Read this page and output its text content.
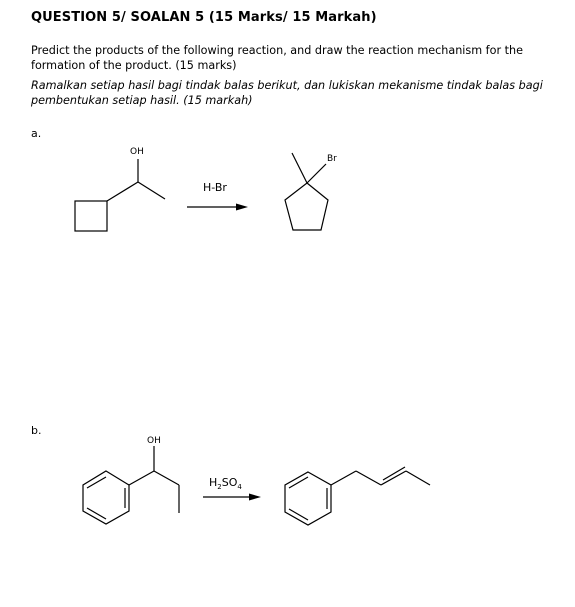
QUESTION 5/ SOALAN 5 (15 Marks/ 15 Markah)
Predict the products of the following reaction, and draw the reaction mechanism for the formation of the product. (15 marks)
Ramalkan setiap hasil bagi tindak balas berikut, dan lukiskan mekanisme tindak balas bagi pembentukan setiap hasil. (15 markah)
a.
b.
OH
H-Br
Br
OH
$H_2SO_4$
